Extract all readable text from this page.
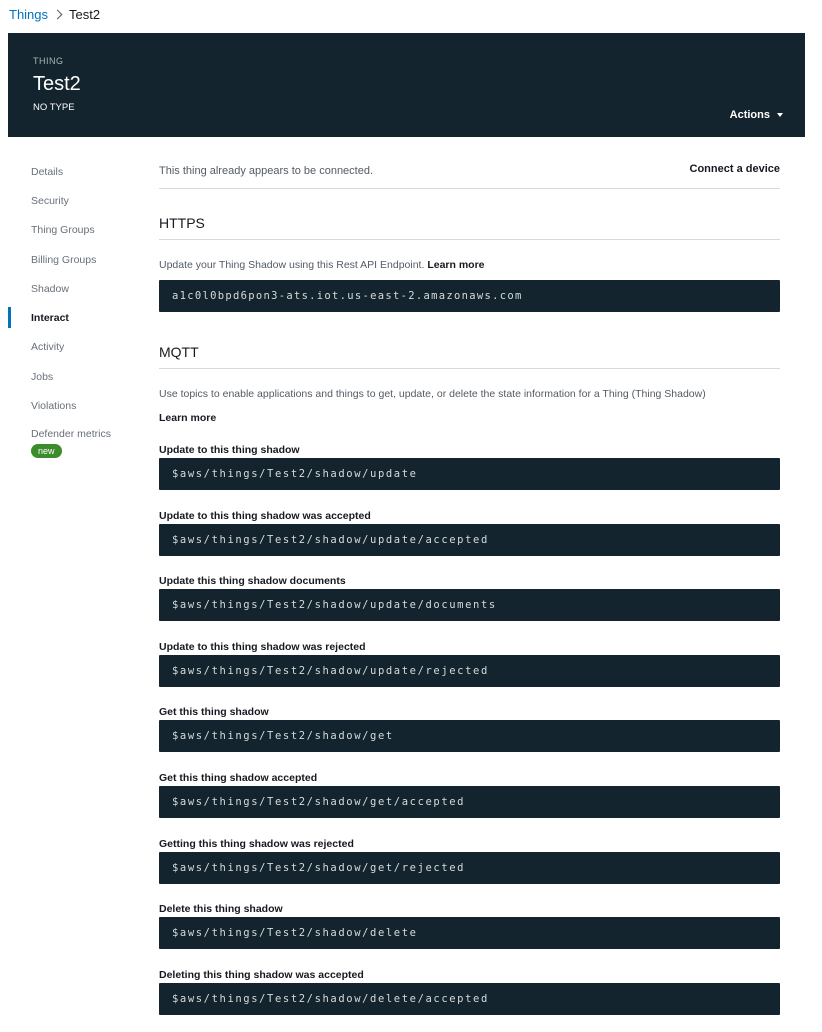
Things Test2
THING
Test2
NO TYPE
Actions
Details
Security
Thing Groups
Billing Groups
Shadow
Interact
Activity
Jobs
Violations
Defender metrics
new
This thing already appears to be connected.	Connect a device
HTTPS
Update your Thing Shadow using this Rest API Endpoint. Learn more
a1c0l0bpd6pon3-ats.iot.us-east-2.amazonaws.com
MQTT
Use topics to enable applications and things to get, update, or delete the state information for a Thing (Thing Shadow)
Learn more
Update to this thing shadow
$aws/things/Test2/shadow/update
Update to this thing shadow was accepted
$aws/things/Test2/shadow/update/accepted
Update this thing shadow documents
$aws/things/Test2/shadow/update/documents
Update to this thing shadow was rejected
$aws/things/Test2/shadow/update/rejected
Get this thing shadow
$aws/things/Test2/shadow/get
Get this thing shadow accepted
$aws/things/Test2/shadow/get/accepted
Getting this thing shadow was rejected
$aws/things/Test2/shadow/get/rejected
Delete this thing shadow
$aws/things/Test2/shadow/delete
Deleting this thing shadow was accepted
$aws/things/Test2/shadow/delete/accepted
